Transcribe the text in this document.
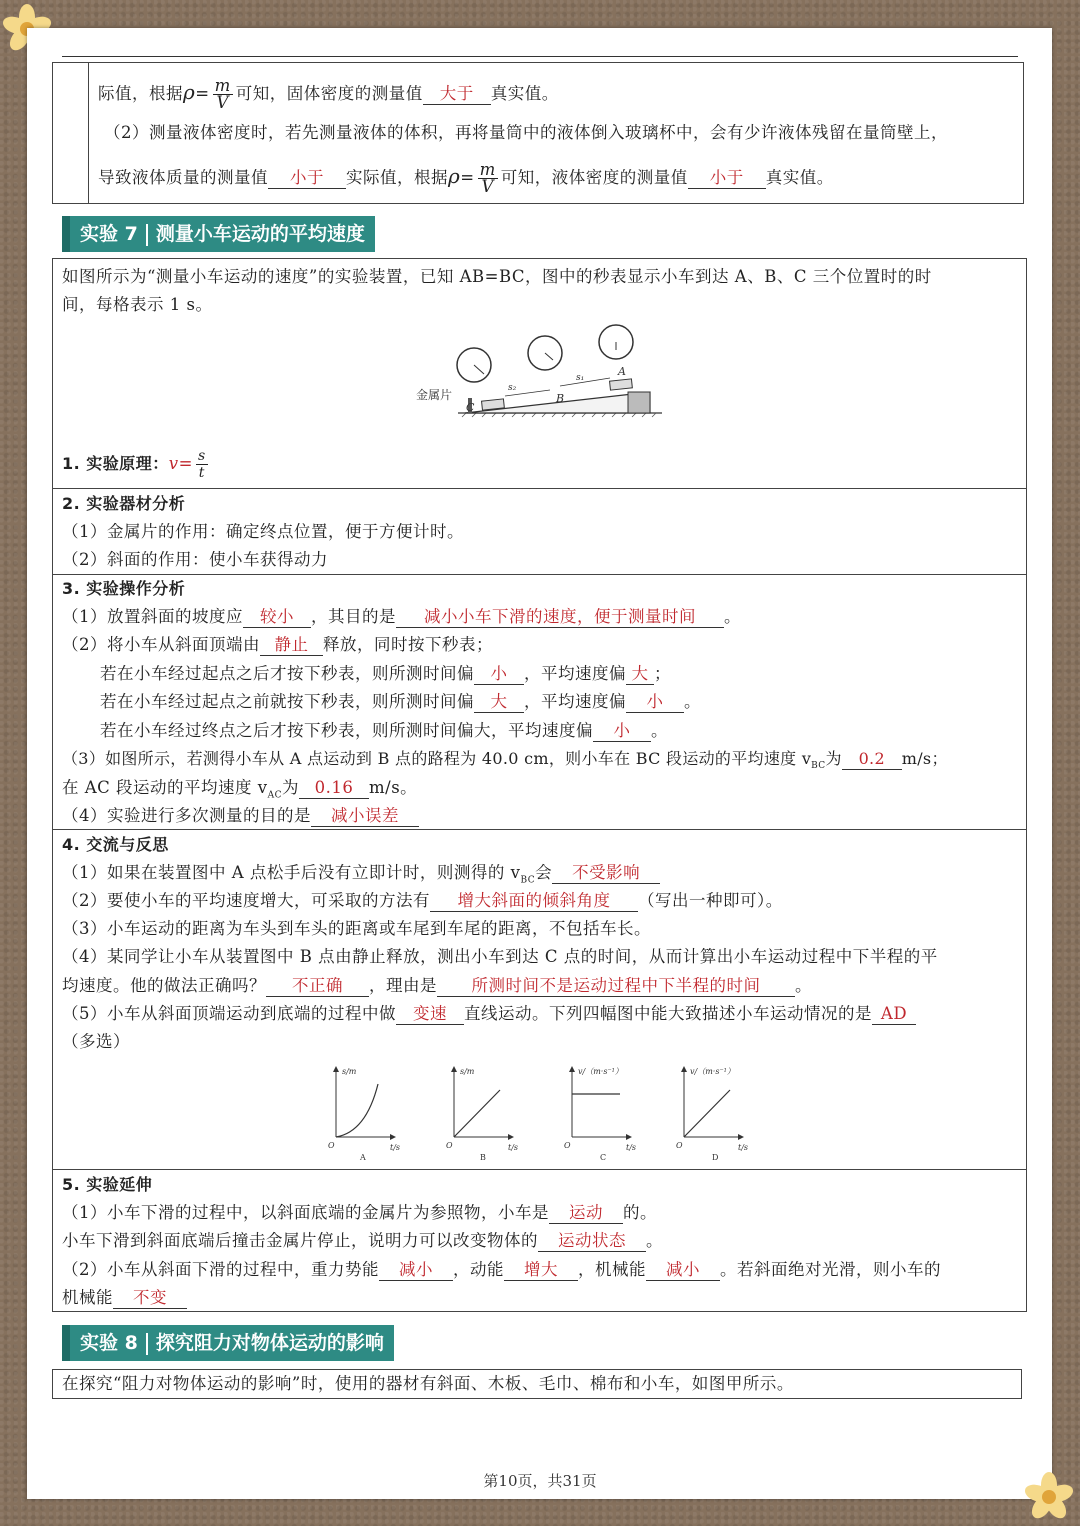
际值，根据$\rho= \frac{m}{V}$ 可知，固体密度的测量值 大于 真实值。
（2）测量液体密度时，若先测量液体的体积，再将量筒中的液体倒入玻璃杯中，会有少许液体残留在量筒壁上，
导致液体质量的测量值 小于 实际值，根据$\rho= \frac{m}{V}$ 可知，液体密度的测量值 小于 真实值。
实验 7 测量小车运动的平均速度
如图所示为“测量小车运动的速度”的实验装置，已知 AB=BC，图中的秒表显示小车到达 A、B、C 三个位置时的时
间，每格表示 1 s。
金属片
C
B
A
s₂
s₁
1. 实验原理：$v= \frac{s}{t}$
2. 实验器材分析
（1）金属片的作用：确定终点位置，便于方便计时。
（2）斜面的作用：使小车获得动力
3. 实验操作分析
（1）放置斜面的坡度应 较小 ，其目的是 减小小车下滑的速度，便于测量时间 。
（2）将小车从斜面顶端由 静止 释放，同时按下秒表；
若在小车经过起点之后才按下秒表，则所测时间偏 小 ，平均速度偏 大 ；
若在小车经过起点之前就按下秒表，则所测时间偏 大 ，平均速度偏 小 。
若在小车经过终点之后才按下秒表，则所测时间偏大，平均速度偏 小 。
（3）如图所示，若测得小车从 A 点运动到 B 点的路程为 40.0 cm，则小车在 BC 段运动的平均速度 $v_{BC}$为 0.2 m/s；
在 AC 段运动的平均速度 $v_{AC}$为 0.16 m/s。
（4）实验进行多次测量的目的是 减小误差
4. 交流与反思
（1）如果在装置图中 A 点松手后没有立即计时，则测得的 $v_{BC}$会 不受影响
（2）要使小车的平均速度增大，可采取的方法有 增大斜面的倾斜角度 （写出一种即可）。
（3）小车运动的距离为车头到车头的距离或车尾到车尾的距离，不包括车长。
（4）某同学让小车从装置图中 B 点由静止释放，测出小车到达 C 点的时间，从而计算出小车运动过程中下半程的平
均速度。他的做法正确吗？ 不正确 ，理由是 所测时间不是运动过程中下半程的时间 。
（5）小车从斜面顶端运动到底端的过程中做 变速 直线运动。下列四幅图中能大致描述小车运动情况的是 AD
（多选）
s/m
t/s
O
A
s/m
t/s
O
B
v/（m·s⁻¹）
t/s
O
C
v/（m·s⁻¹）
t/s
O
D
5. 实验延伸
（1）小车下滑的过程中，以斜面底端的金属片为参照物，小车是 运动 的。
小车下滑到斜面底端后撞击金属片停止，说明力可以改变物体的 运动状态 。
（2）小车从斜面下滑的过程中，重力势能 减小 ，动能 增大 ，机械能 减小 。若斜面绝对光滑，则小车的
机械能 不变
实验 8 探究阻力对物体运动的影响
在探究“阻力对物体运动的影响”时，使用的器材有斜面、木板、毛巾、棉布和小车，如图甲所示。
第10页，共31页
